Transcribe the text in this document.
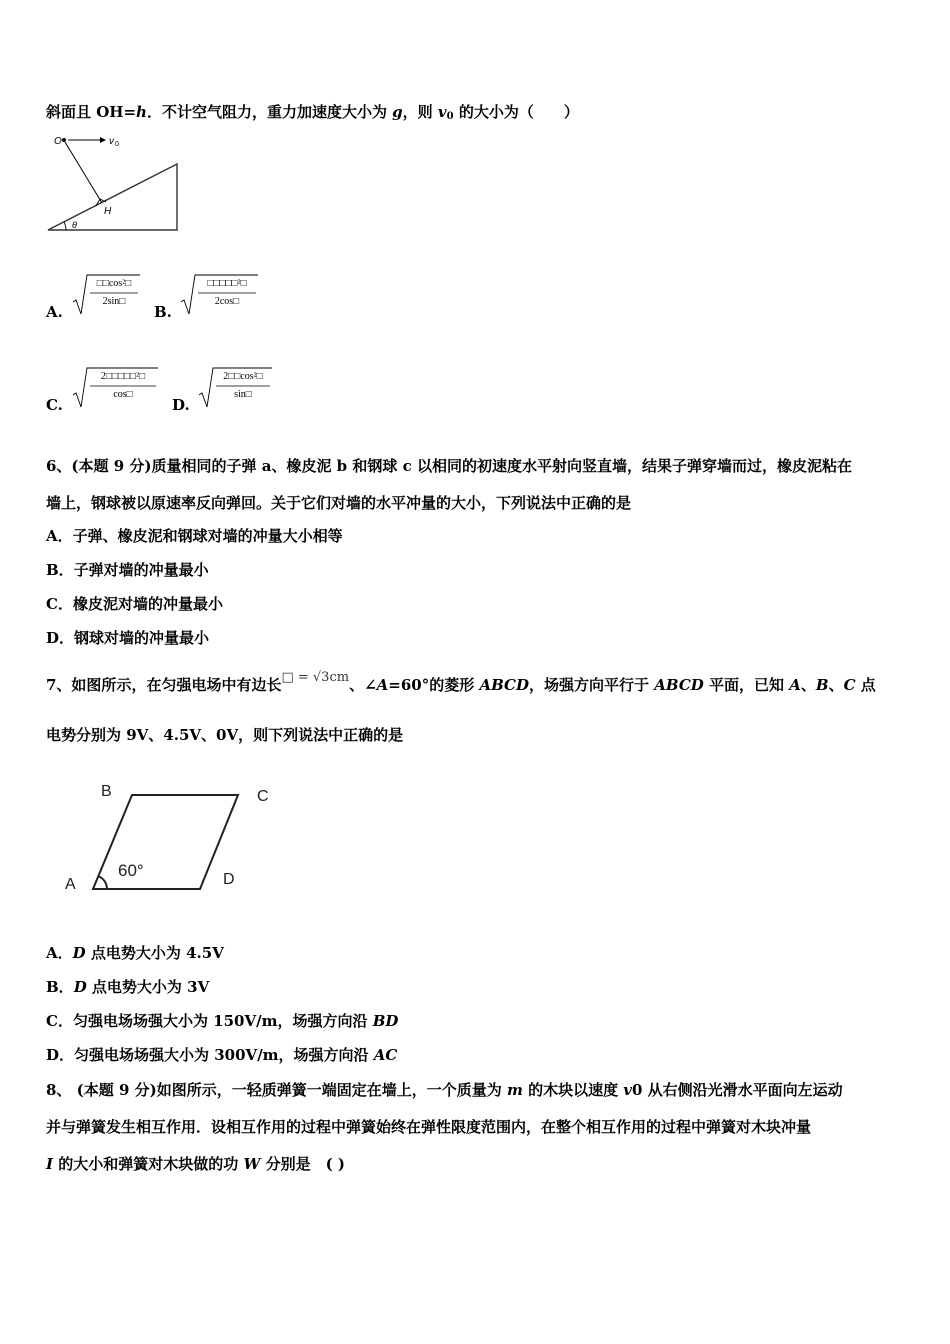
斜面且 OH=h．不计空气阻力，重力加速度大小为 g，则 $v_0$ 的大小为（　　）
O	v 0
H
θ
A.
□□cos²□
2sin□
B.
□□□□□²□
2cos□
C.
2□□□□□²□
cos□
D.
2□□cos²□
sin□
6、(本题 9 分)质量相同的子弹 a、橡皮泥 b 和钢球 c 以相同的初速度水平射向竖直墙，结果子弹穿墙而过，橡皮泥粘在
墙上，钢球被以原速率反向弹回。关于它们对墙的水平冲量的大小，下列说法中正确的是
A．子弹、橡皮泥和钢球对墙的冲量大小相等
B．子弹对墙的冲量最小
C．橡皮泥对墙的冲量最小
D．钢球对墙的冲量最小
7、如图所示，在匀强电场中有边长□ = √3cm、∠A=60°的菱形 ABCD，场强方向平行于 ABCD 平面，已知 A、B、C 点
电势分别为 9V、4.5V、0V，则下列说法中正确的是
B	C
A	D
60°
A．D 点电势大小为 4.5V
B．D 点电势大小为 3V
C．匀强电场场强大小为 150V/m，场强方向沿 BD
D．匀强电场场强大小为 300V/m，场强方向沿 AC
8、 (本题 9 分)如图所示，一轻质弹簧一端固定在墙上，一个质量为 m 的木块以速度 v0 从右侧沿光滑水平面向左运动
并与弹簧发生相互作用．设相互作用的过程中弹簧始终在弹性限度范围内，在整个相互作用的过程中弹簧对木块冲量
I 的大小和弹簧对木块做的功 W 分别是　( )
